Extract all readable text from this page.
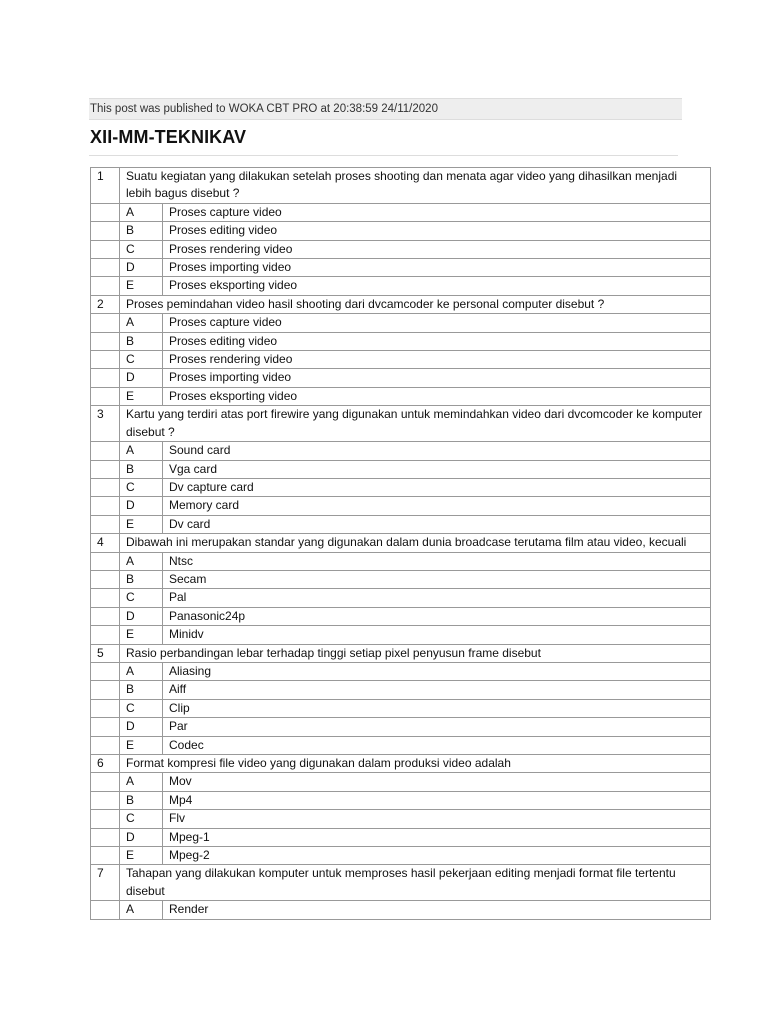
This post was published to WOKA CBT PRO at 20:38:59 24/11/2020
XII-MM-TEKNIKAV
1	Suatu kegiatan yang dilakukan setelah proses shooting dan menata agar video yang dihasilkan menjadi lebih bagus disebut ?	
	A	Proses capture video
	B	Proses editing video
	C	Proses rendering video
	D	Proses importing video
	E	Proses eksporting video
2	Proses pemindahan video hasil shooting dari dvcamcoder ke personal computer disebut ?	
	A	Proses capture video
	B	Proses editing video
	C	Proses rendering video
	D	Proses importing video
	E	Proses eksporting video
3	Kartu yang terdiri atas port firewire yang digunakan untuk memindahkan video dari dvcomcoder ke komputer disebut ?	
	A	Sound card
	B	Vga card
	C	Dv capture card
	D	Memory card
	E	Dv card
4	Dibawah ini merupakan standar yang digunakan dalam dunia broadcase terutama film atau video, kecuali	
	A	Ntsc
	B	Secam
	C	Pal
	D	Panasonic24p
	E	Minidv
5	Rasio perbandingan lebar terhadap tinggi setiap pixel penyusun frame disebut	
	A	Aliasing
	B	Aiff
	C	Clip
	D	Par
	E	Codec
6	Format kompresi file video yang digunakan dalam produksi video adalah	
	A	Mov
	B	Mp4
	C	Flv
	D	Mpeg-1
	E	Mpeg-2
7	Tahapan yang dilakukan komputer untuk memproses hasil pekerjaan editing menjadi format file tertentu disebut	
	A	Render
